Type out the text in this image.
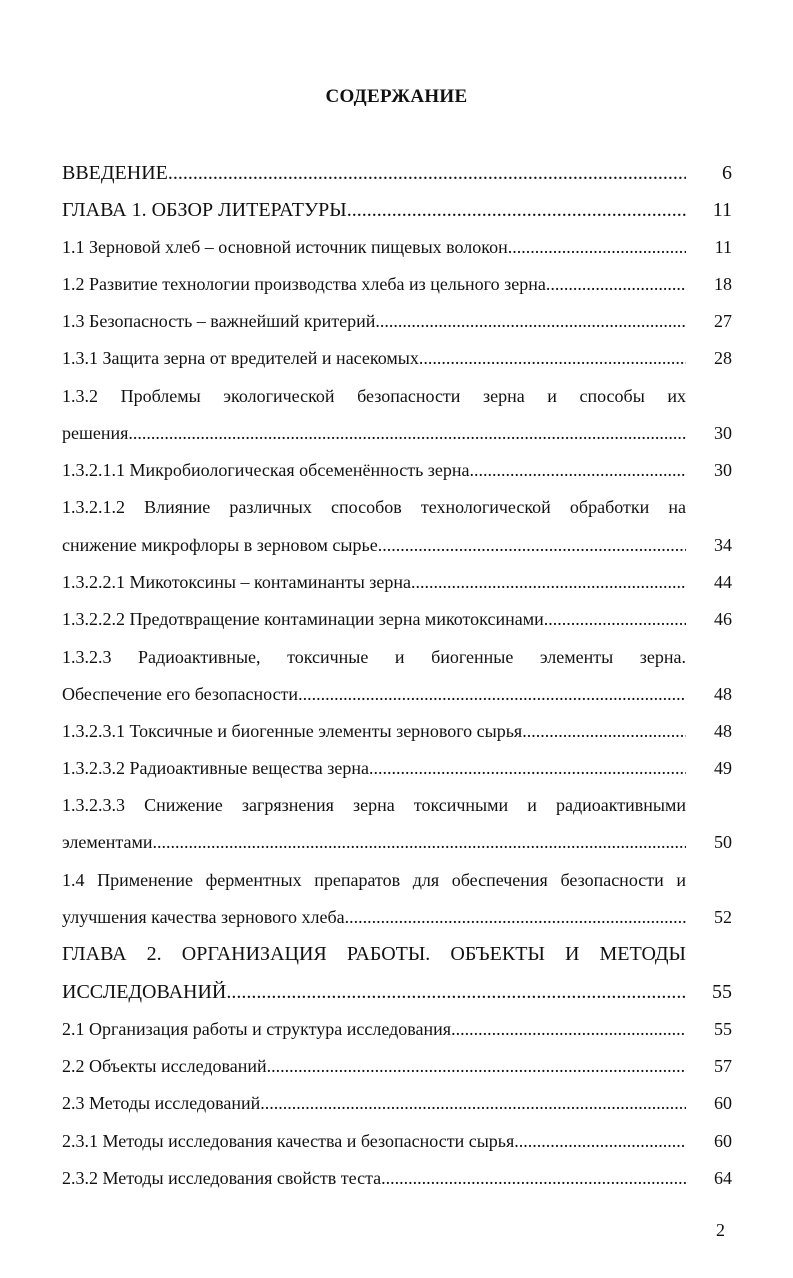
СОДЕРЖАНИЕ
ВВЕДЕНИЕ .....	6
ГЛАВА 1. ОБЗОР ЛИТЕРАТУРЫ .....	11
1.1 Зерновой хлеб – основной источник пищевых волокон .....	11
1.2 Развитие технологии производства хлеба из цельного зерна .....	18
1.3 Безопасность – важнейший критерий .....	27
1.3.1 Защита зерна от вредителей и насекомых .....	28
1.3.2 Проблемы экологической безопасности зерна и способы их
решения .....	30
1.3.2.1.1 Микробиологическая обсеменённость зерна .....	30
1.3.2.1.2 Влияние различных способов технологической обработки на
снижение микрофлоры в зерновом сырье .....	34
1.3.2.2.1 Микотоксины – контаминанты зерна .....	44
1.3.2.2.2 Предотвращение контаминации зерна микотоксинами .....	46
1.3.2.3 Радиоактивные, токсичные и биогенные элементы зерна.
Обеспечение его безопасности .....	48
1.3.2.3.1 Токсичные и биогенные элементы зернового сырья .....	48
1.3.2.3.2 Радиоактивные вещества зерна .....	49
1.3.2.3.3 Снижение загрязнения зерна токсичными и радиоактивными
элементами .....	50
1.4 Применение ферментных препаратов для обеспечения безопасности и
улучшения качества зернового хлеба .....	52
ГЛАВА 2. ОРГАНИЗАЦИЯ РАБОТЫ. ОБЪЕКТЫ И МЕТОДЫ
ИССЛЕДОВАНИЙ .....	55
2.1 Организация работы и структура исследования .....	55
2.2 Объекты исследований .....	57
2.3 Методы исследований .....	60
2.3.1 Методы исследования качества и безопасности сырья .....	60
2.3.2 Методы исследования свойств теста .....	64
2
